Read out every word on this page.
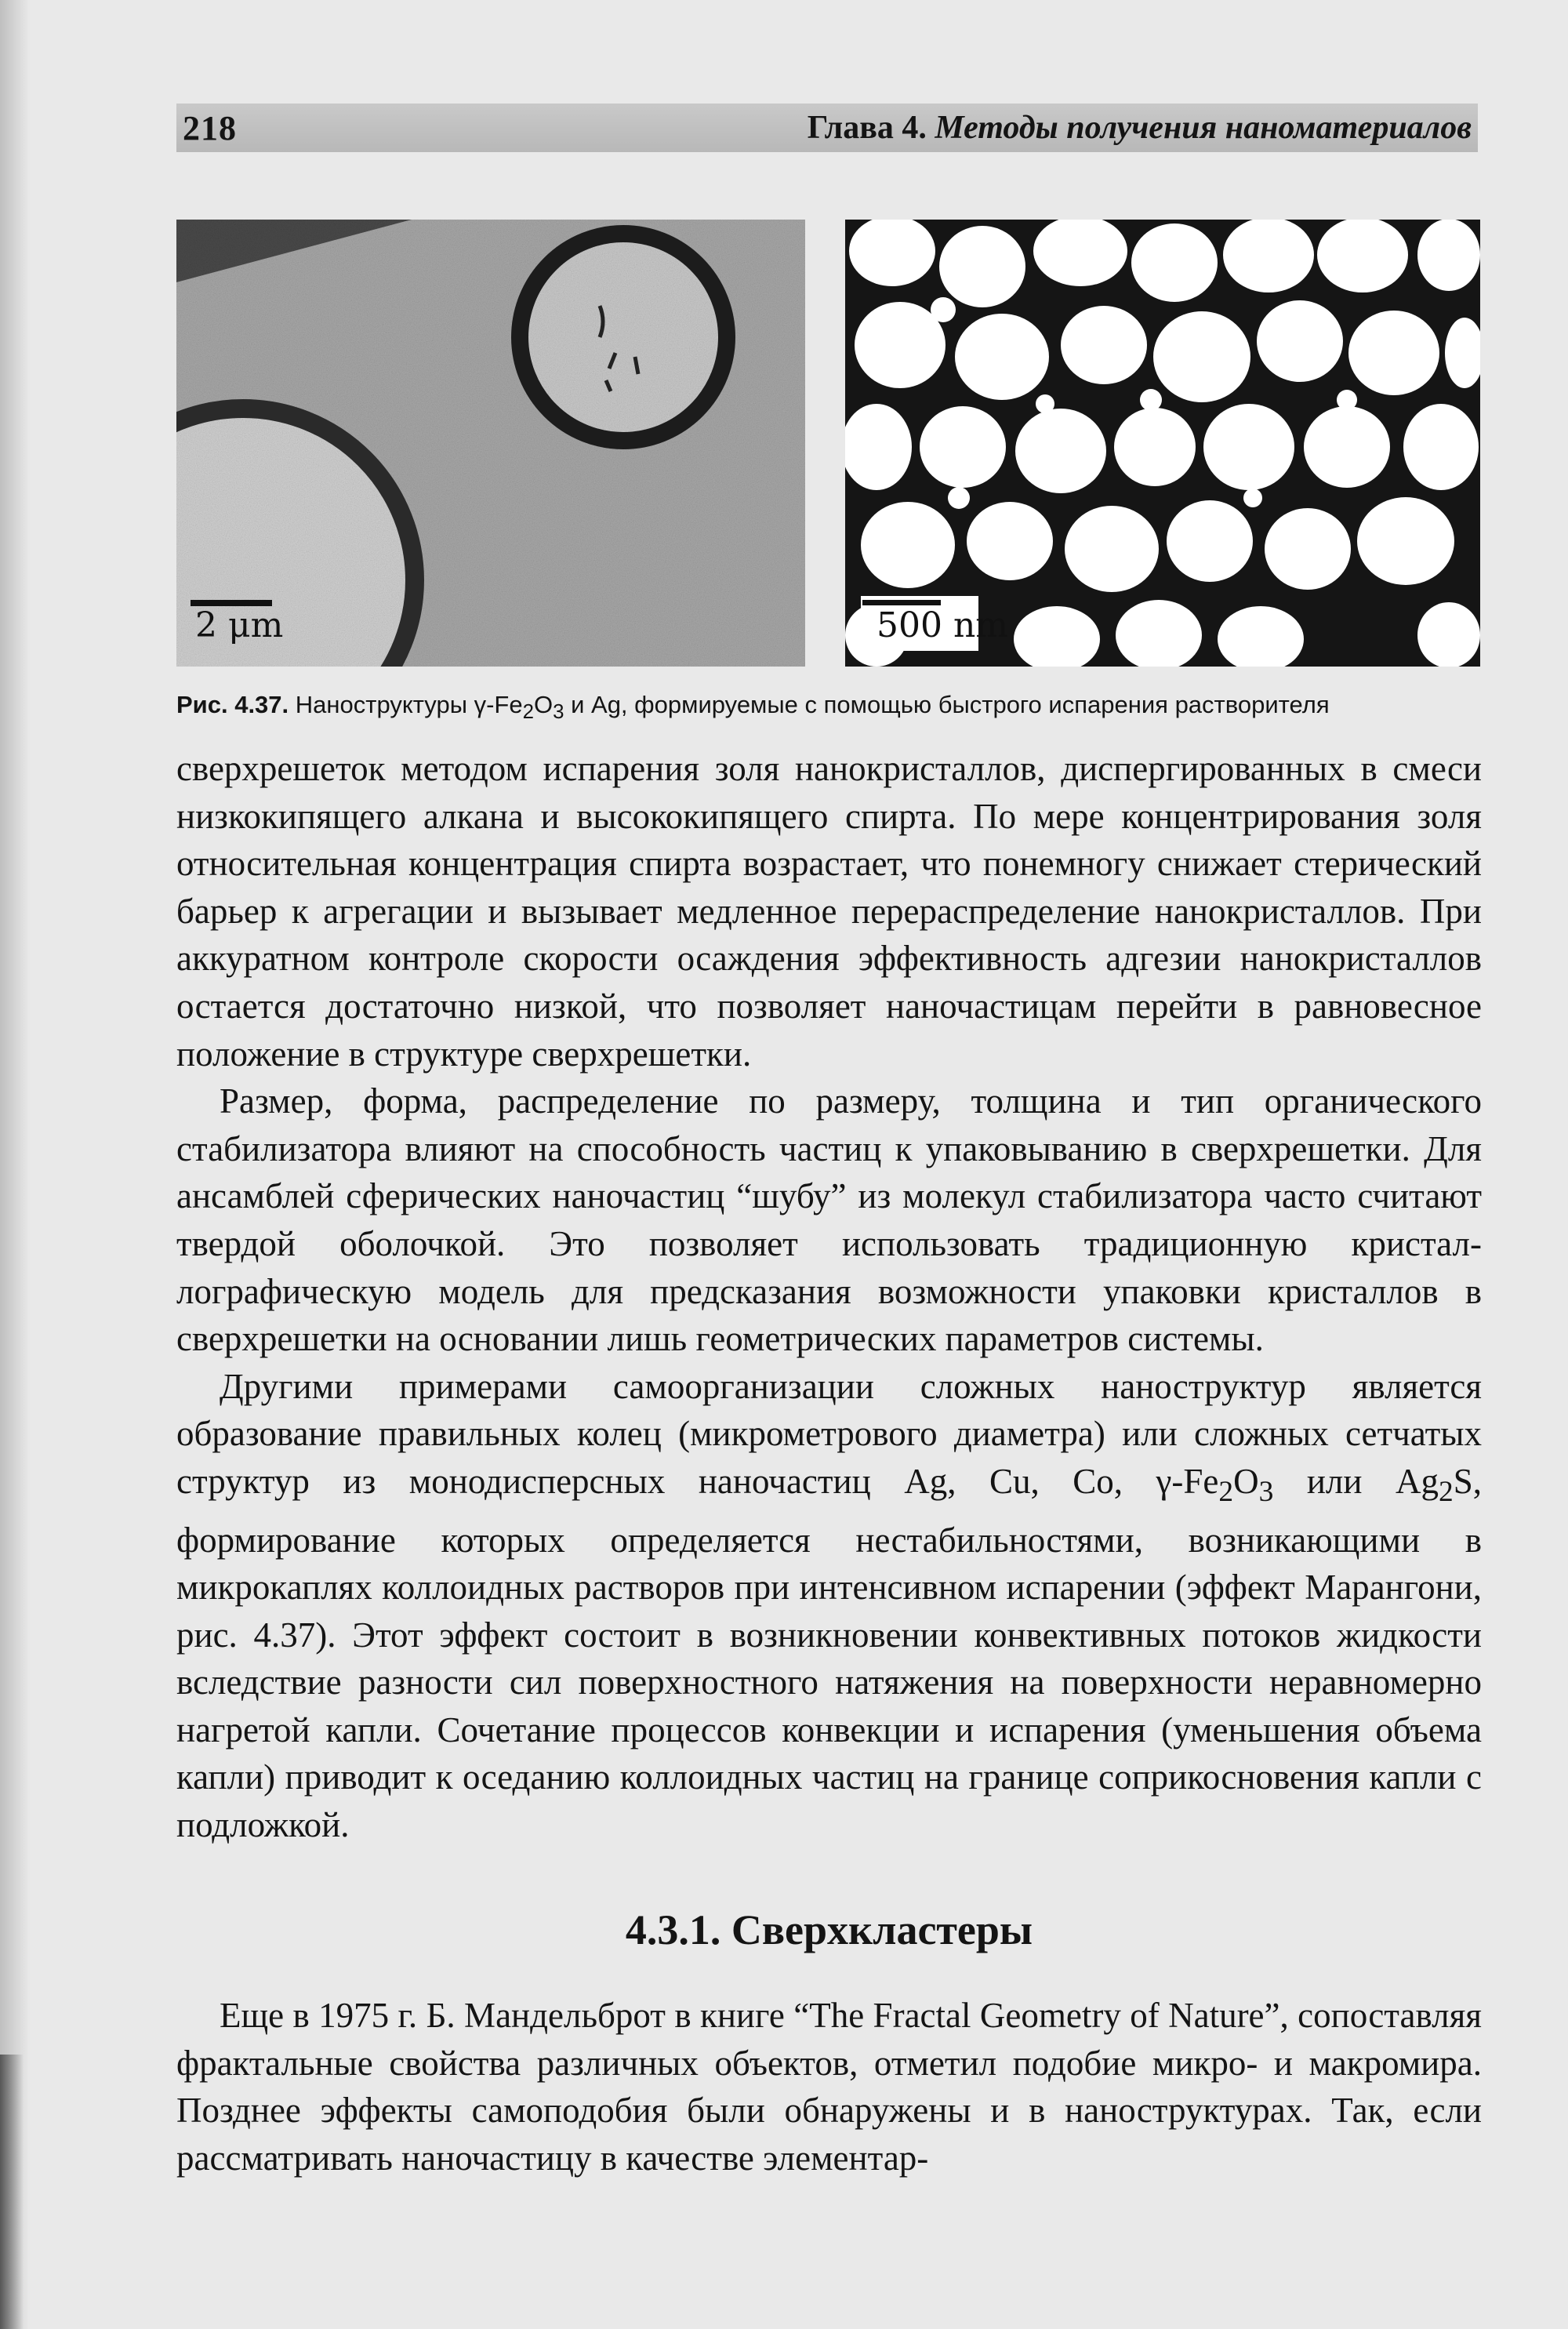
218	Глава 4. Методы получения наноматериалов
2 μm	500 nm
Рис. 4.37. Наноструктуры $\gamma-Fe_2O_3$ и Ag, формируемые с помощью быстрого испарения растворителя

сверхрешеток методом испарения золя нанокристаллов, диспергированных в смеси низкокипящего алкана и высококипящего спирта. По мере концентрирования золя относительная концентрация спирта возрастает, что понемногу снижает стерический барьер к агрегации и вызывает медленное перераспределение нанокристаллов. При аккуратном контроле скорости осаждения эффективность адгезии нанокристаллов остается достаточно низкой, что позволяет наночастицам перейти в равновесное положение в структуре сверхрешетки.

Размер, форма, распределение по размеру, толщина и тип органического стабилизатора влияют на способность частиц к упаковыванию в сверхрешетки. Для ансамблей сферических наночастиц “шубу” из молекул стабилизатора часто считают твердой оболочкой. Это позволяет использовать традиционную кристаллографическую модель для предсказания возможности упаковки кристаллов в сверхрешетки на основании лишь геометрических параметров системы.

Другими примерами самоорганизации сложных наноструктур является образование правильных колец (микрометрового диаметра) или сложных сетчатых структур из монодисперсных наночастиц Ag, Cu, Co, $\gamma-Fe_2O_3$ или $Ag_2S$, формирование которых определяется нестабильностями, возникающими в микрокаплях коллоидных растворов при интенсивном испарении (эффект Марангони, рис. 4.37). Этот эффект состоит в возникновении конвективных потоков жидкости вследствие разности сил поверхностного натяжения на поверхности неравномерно нагретой капли. Сочетание процессов конвекции и испарения (уменьшения объема капли) приводит к оседанию коллоидных частиц на границе соприкосновения капли с подложкой.

4.3.1. Сверхкластеры

Еще в 1975 г. Б. Мандельброт в книге “The Fractal Geometry of Nature”, сопоставляя фрактальные свойства различных объектов, отметил подобие микро- и макромира. Позднее эффекты самоподобия были обнаружены и в наноструктурах. Так, если рассматривать наночастицу в качестве элементар-
